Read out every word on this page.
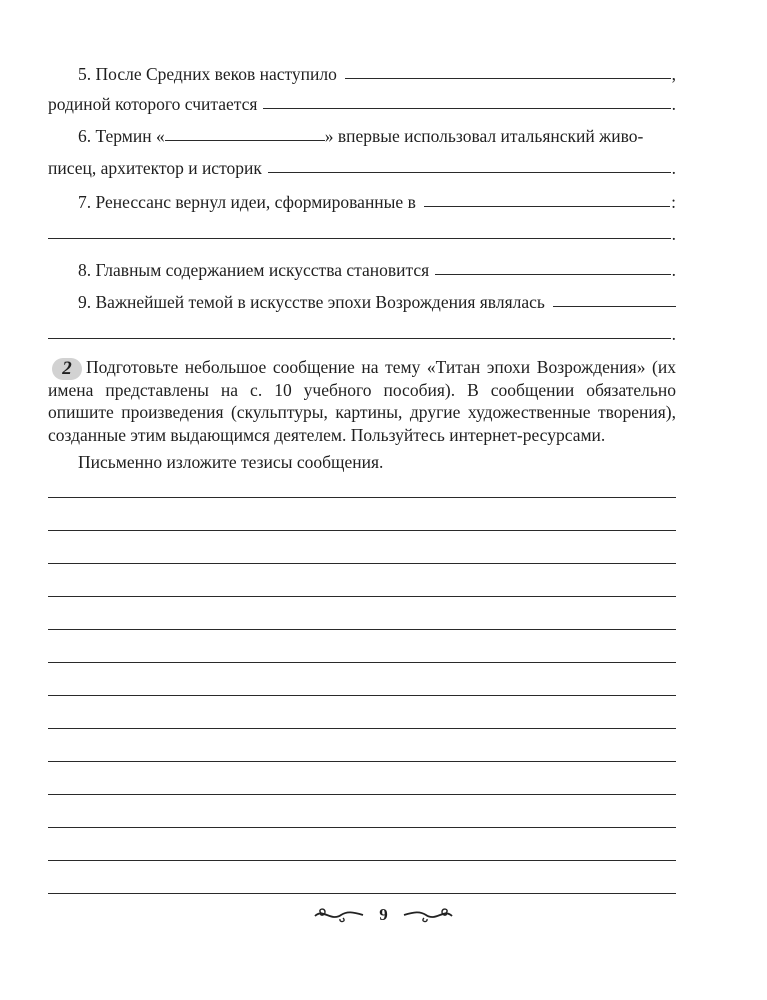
5. После Средних веков наступило	,
родиной которого считается	.
6. Термин «	» впервые использовал итальянский живо-
писец, архитектор и историк	.
7. Ренессанс вернул идеи, сформированные в	:
.
8. Главным содержанием искусства становится	.
9. Важнейшей темой в искусстве эпохи Возрождения являлась
.
Подготовьте небольшое сообщение на тему «Титан эпохи Возрождения» (их имена представлены на с. 10 учебного пособия). В сообщении обязательно опишите произведения (скульптуры, картины, другие художественные творения), созданные этим выдающимся деятелем. Пользуйтесь интернет-ресурсами.
2
Письменно изложите тезисы сообщения.
9
